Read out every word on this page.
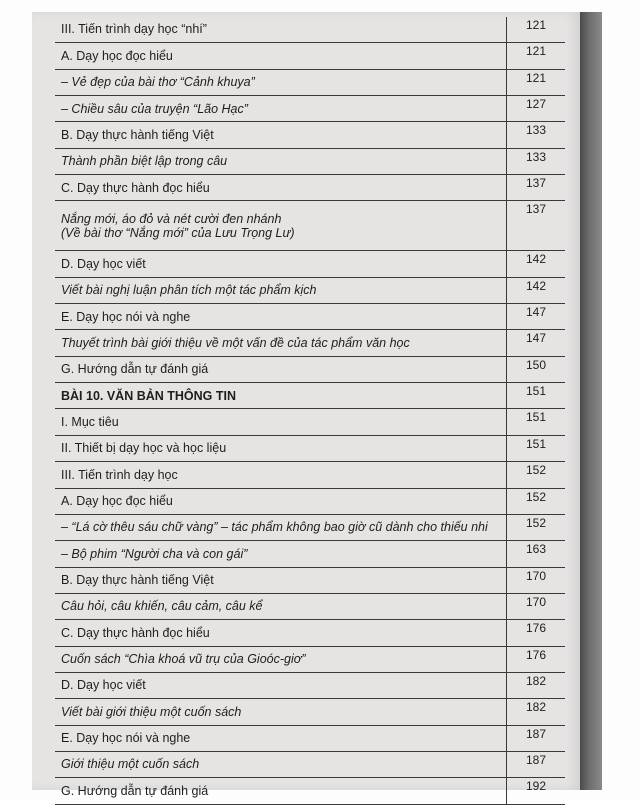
III. Tiến trình dạy học “nhí”	121
A. Dạy học đọc hiểu	121
– Vẻ đẹp của bài thơ “Cảnh khuya”	121
– Chiều sâu của truyện “Lão Hạc”	127
B. Dạy thực hành tiếng Việt	133
Thành phần biệt lập trong câu	133
C. Dạy thực hành đọc hiểu	137
Nắng mới, áo đỏ và nét cười đen nhánh
(Về bài thơ “Nắng mới” của Lưu Trọng Lư)	137
D. Dạy học viết	142
Viết bài nghị luận phân tích một tác phẩm kịch	142
E. Dạy học nói và nghe	147
Thuyết trình bài giới thiệu về một vấn đề của tác phẩm văn học	147
G. Hướng dẫn tự đánh giá	150
BÀI 10. VĂN BẢN THÔNG TIN	151
I. Mục tiêu	151
II. Thiết bị dạy học và học liệu	151
III. Tiến trình dạy học	152
A. Dạy học đọc hiểu	152
– “Lá cờ thêu sáu chữ vàng” – tác phẩm không bao giờ cũ dành cho thiếu nhi	152
– Bộ phim “Người cha và con gái”	163
B. Dạy thực hành tiếng Việt	170
Câu hỏi, câu khiến, câu cảm, câu kể	170
C. Dạy thực hành đọc hiểu	176
Cuốn sách “Chìa khoá vũ trụ của Gioóc-giơ”	176
D. Dạy học viết	182
Viết bài giới thiệu một cuốn sách	182
E. Dạy học nói và nghe	187
Giới thiệu một cuốn sách	187
G. Hướng dẫn tự đánh giá	192
